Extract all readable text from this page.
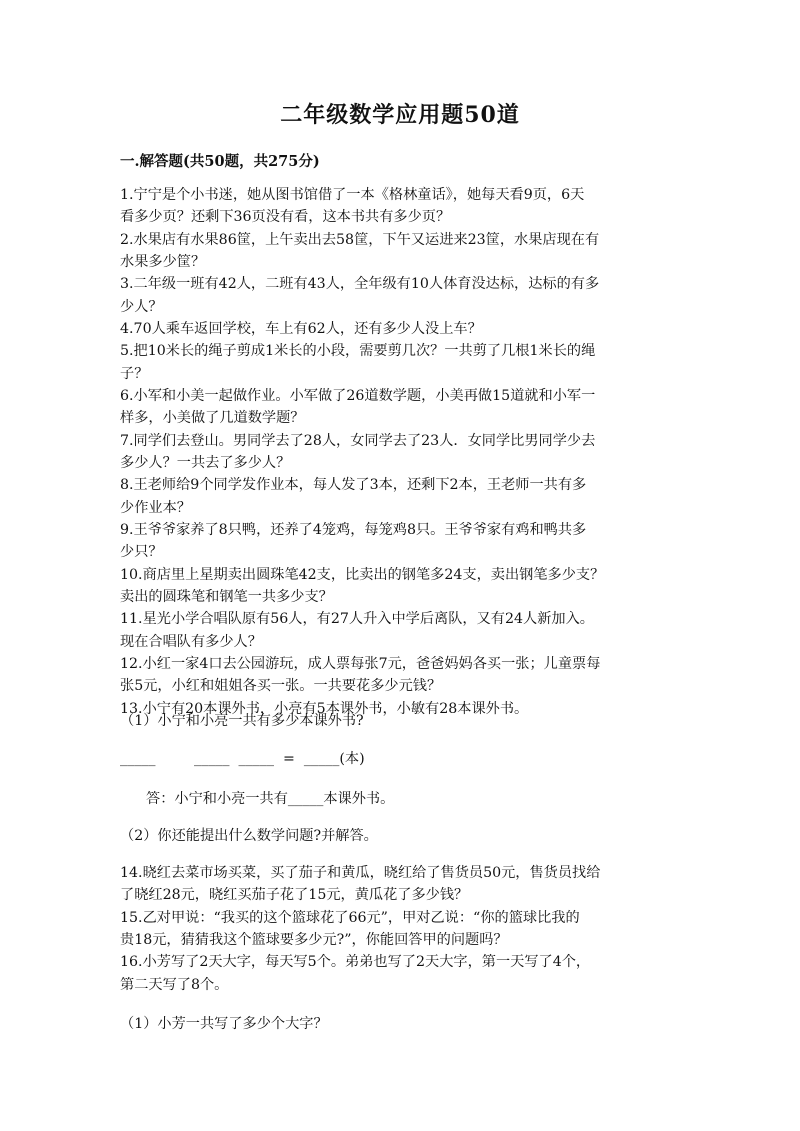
二年级数学应用题50道
一.解答题(共50题，共275分)
1.宁宁是个小书迷，她从图书馆借了一本《格林童话》，她每天看9页，6天
看多少页？还剩下36页没有看，这本书共有多少页？
2.水果店有水果86筐，上午卖出去58筐，下午又运进来23筐，水果店现在有
水果多少筐？
3.二年级一班有42人，二班有43人，全年级有10人体育没达标，达标的有多
少人？
4.70人乘车返回学校，车上有62人，还有多少人没上车？
5.把10米长的绳子剪成1米长的小段，需要剪几次？一共剪了几根1米长的绳
子？
6.小军和小美一起做作业。小军做了26道数学题，小美再做15道就和小军一
样多，小美做了几道数学题？
7.同学们去登山。男同学去了28人，女同学去了23人．女同学比男同学少去
多少人？一共去了多少人？
8.王老师给9个同学发作业本，每人发了3本，还剩下2本，王老师一共有多
少作业本？
9.王爷爷家养了8只鸭，还养了4笼鸡，每笼鸡8只。王爷爷家有鸡和鸭共多
少只？
10.商店里上星期卖出圆珠笔42支，比卖出的钢笔多24支，卖出钢笔多少支？
卖出的圆珠笔和钢笔一共多少支？
11.星光小学合唱队原有56人，有27人升入中学后离队，又有24人新加入。
现在合唱队有多少人？
12.小红一家4口去公园游玩，成人票每张7元，爸爸妈妈各买一张；儿童票每
张5元，小红和姐姐各买一张。一共要花多少元钱？
13.小宁有20本课外书，小亮有5本课外书，小敏有28本课外书。
（1）小宁和小亮一共有多少本课外书?
_____	_____  _____  =  _____(本)
答：小宁和小亮一共有_____本课外书。
（2）你还能提出什么数学问题?并解答。
14.晓红去菜市场买菜，买了茄子和黄瓜，晓红给了售货员50元，售货员找给
了晓红28元，晓红买茄子花了15元，黄瓜花了多少钱？
15.乙对甲说：“我买的这个篮球花了66元”，甲对乙说：“你的篮球比我的
贵18元，猜猜我这个篮球要多少元?”，你能回答甲的问题吗？
16.小芳写了2天大字，每天写5个。弟弟也写了2天大字，第一天写了4个，
第二天写了8个。
（1）小芳一共写了多少个大字？
